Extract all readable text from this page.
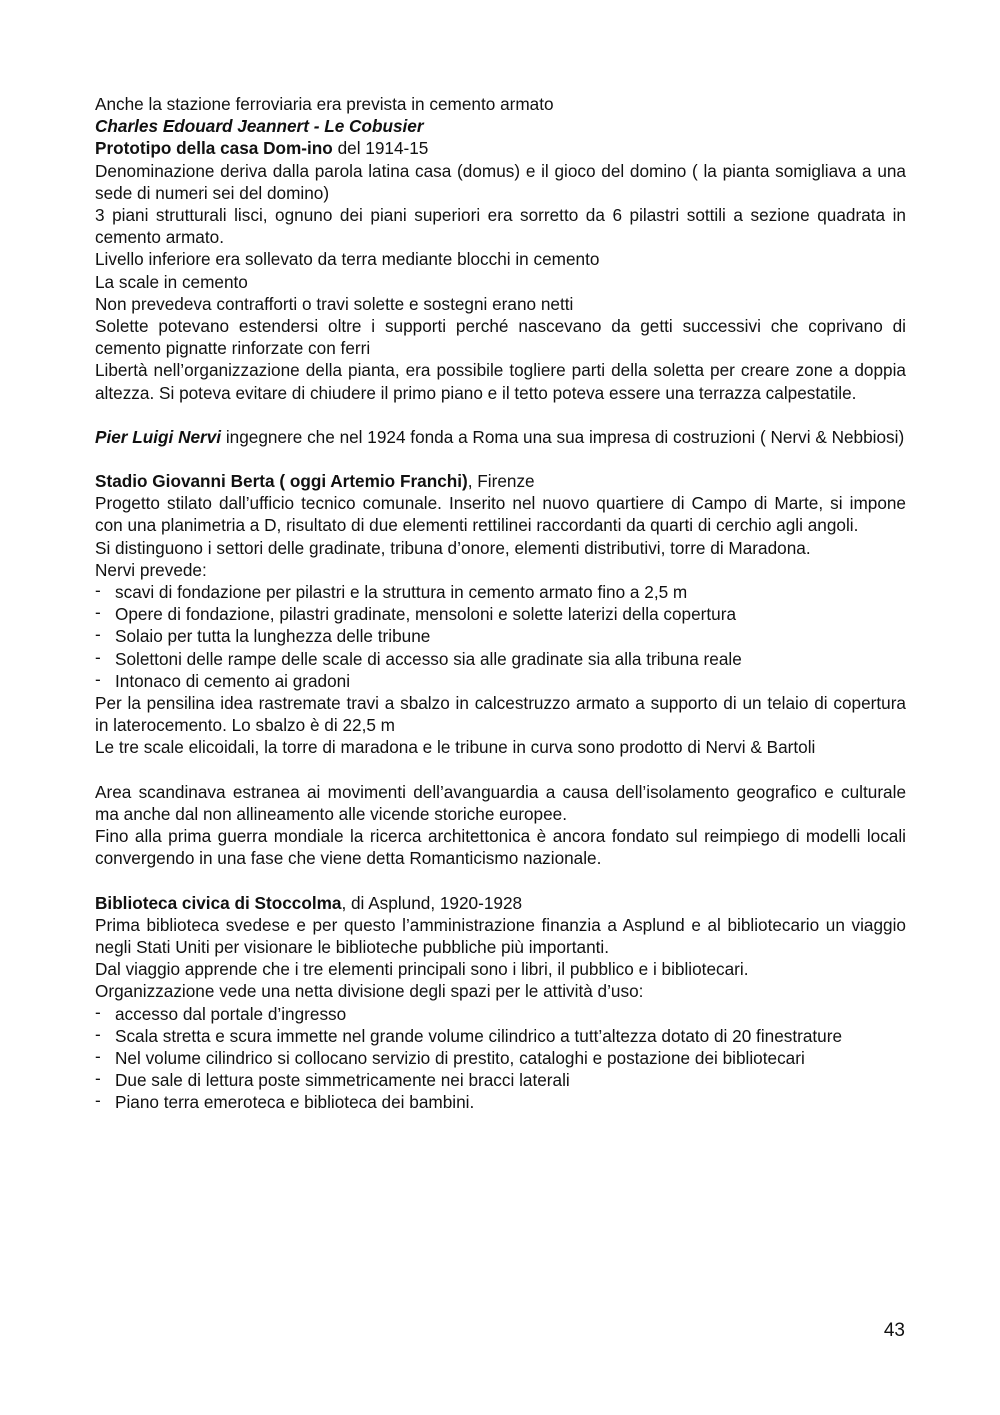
Anche la stazione ferroviaria era prevista in cemento armato

Charles Edouard Jeannert - Le Cobusier

Prototipo della casa Dom-ino del 1914-15

Denominazione deriva dalla parola latina casa (domus) e il gioco del domino ( la pianta somigliava a una sede di numeri sei del domino)

3 piani strutturali lisci, ognuno dei piani superiori era sorretto da 6 pilastri sottili a sezione quadrata in cemento armato.

Livello inferiore era sollevato da terra mediante blocchi in cemento

La scale in cemento

Non prevedeva contrafforti o travi solette e sostegni erano netti

Solette potevano estendersi oltre i supporti perché nascevano da getti successivi che coprivano di cemento pignatte rinforzate con ferri

Libertà nell’organizzazione della pianta, era possibile togliere parti della soletta per creare zone a doppia altezza. Si poteva evitare di chiudere il primo piano e il tetto poteva essere una terrazza calpestatile.

Pier Luigi Nervi ingegnere che nel 1924 fonda a Roma una sua impresa di costruzioni ( Nervi & Nebbiosi)

Stadio Giovanni Berta ( oggi Artemio Franchi), Firenze

Progetto stilato dall’ufficio tecnico comunale. Inserito nel nuovo quartiere di Campo di Marte, si impone con una planimetria a D, risultato di due elementi rettilinei raccordanti da quarti di cerchio agli angoli.

Si distinguono i settori delle gradinate, tribuna d’onore, elementi distributivi, torre di Maradona.

Nervi prevede:

- scavi di fondazione per pilastri e la struttura in cemento armato fino a 2,5 m
- Opere di fondazione, pilastri gradinate, mensoloni e solette laterizi della copertura
- Solaio per tutta la lunghezza delle tribune
- Solettoni delle rampe delle scale di accesso sia alle gradinate sia alla tribuna reale
- Intonaco di cemento ai gradoni

Per la pensilina idea rastremate travi a sbalzo in calcestruzzo armato a supporto di un telaio di copertura in laterocemento. Lo sbalzo è di 22,5 m

Le tre scale elicoidali, la torre di maradona e le tribune in curva sono prodotto di Nervi & Bartoli

Area scandinava estranea ai movimenti dell’avanguardia a causa dell’isolamento geografico e culturale ma anche dal non allineamento alle vicende storiche europee.

Fino alla prima guerra mondiale la ricerca architettonica è ancora fondato sul reimpiego di modelli locali convergendo in una fase che viene detta Romanticismo nazionale.

Biblioteca civica di Stoccolma, di Asplund, 1920-1928

Prima biblioteca svedese e per questo l’amministrazione finanzia a Asplund e al bibliotecario un viaggio negli Stati Uniti per visionare le biblioteche pubbliche più importanti.

Dal viaggio apprende che i tre elementi principali sono i libri, il pubblico e i bibliotecari.

Organizzazione vede una netta divisione degli spazi per le attività d’uso:

- accesso dal portale d’ingresso
- Scala stretta e scura immette nel grande volume cilindrico a tutt’altezza dotato di 20 finestrature
- Nel volume cilindrico si collocano servizio di prestito, cataloghi e postazione dei bibliotecari
- Due sale di lettura poste simmetricamente nei bracci laterali
- Piano terra emeroteca e biblioteca dei bambini.
43
